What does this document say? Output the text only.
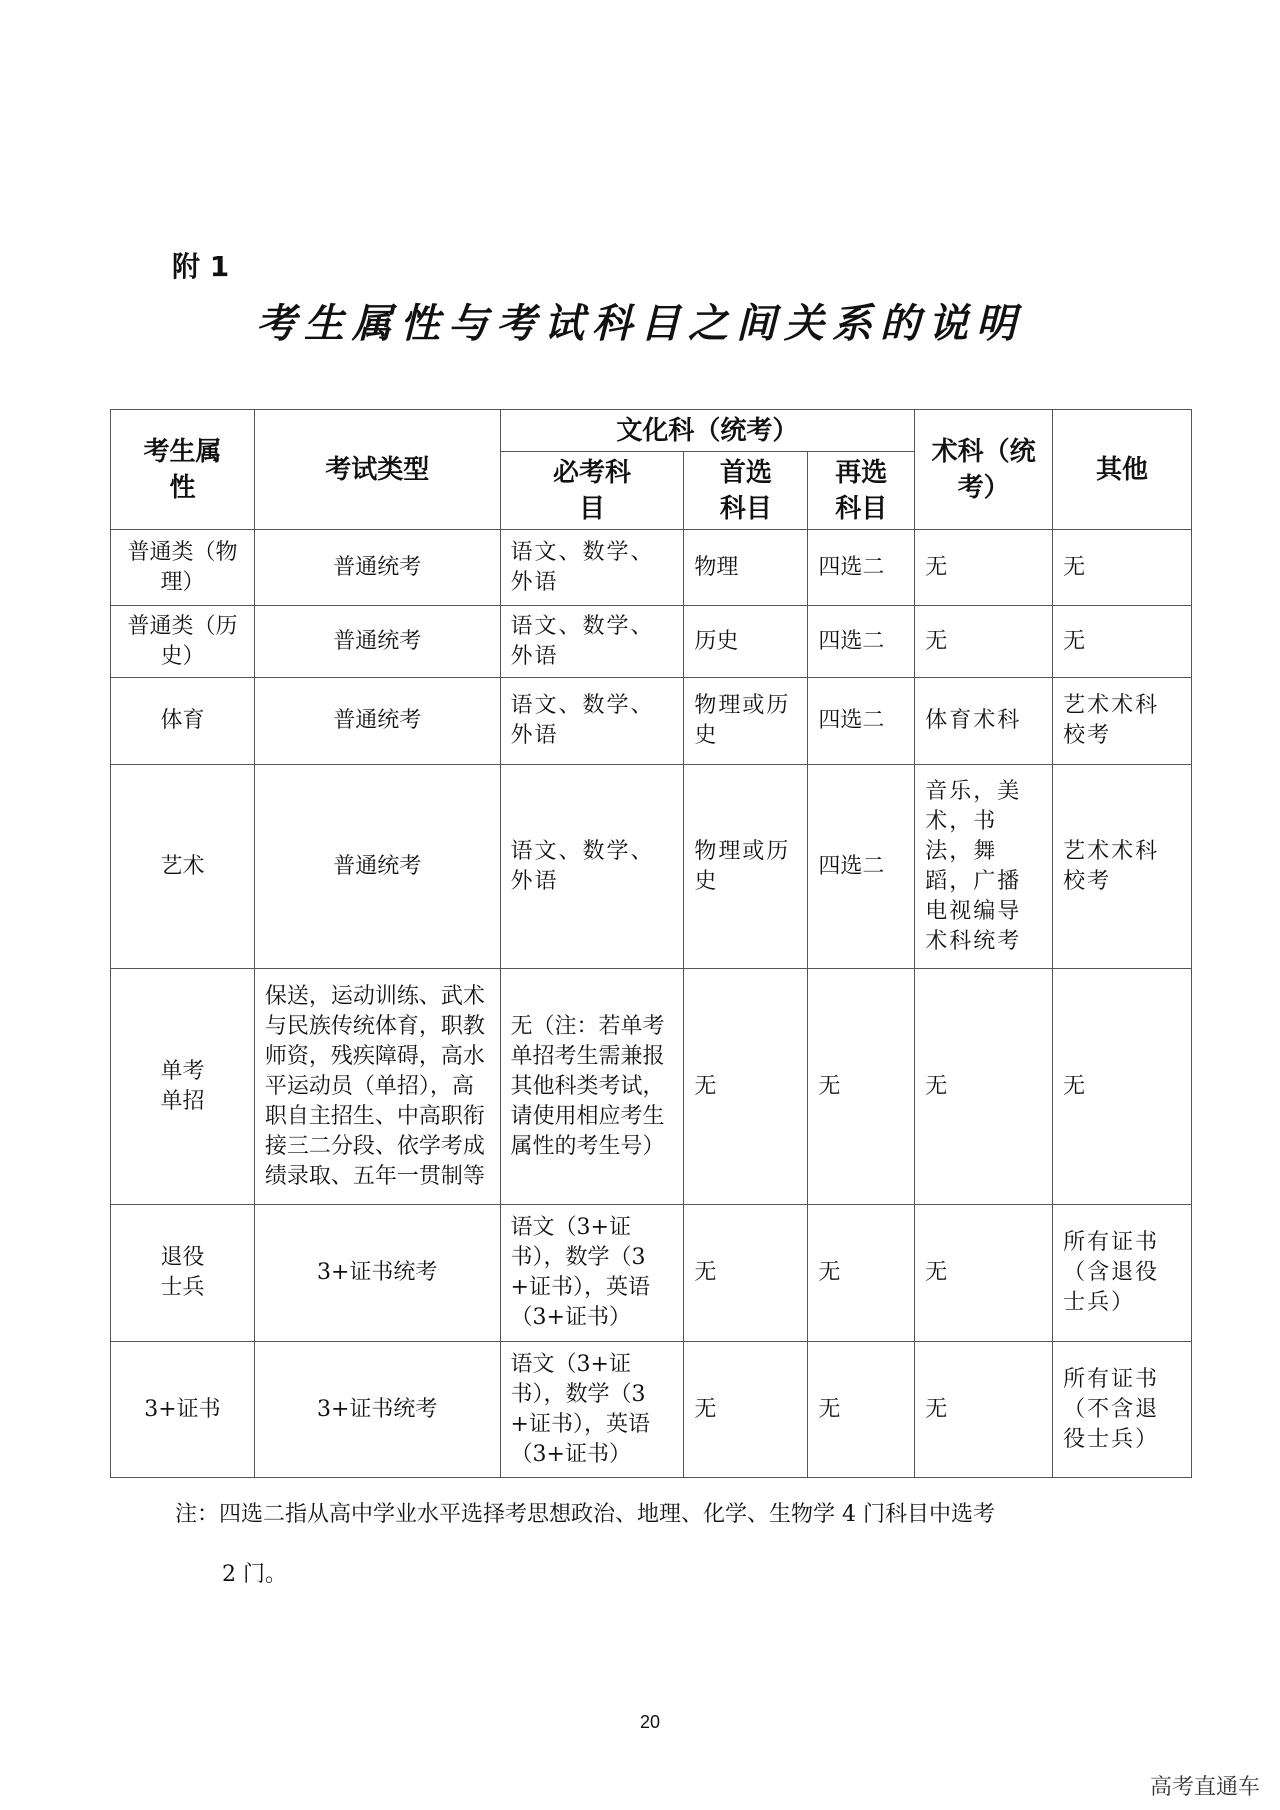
附 1
考生属性与考试科目之间关系的说明
考生属性	考试类型	文化科（统考）			术科（统考）	其他
		必考科目	首选科目	再选科目		
普通类（物理）	普通统考	语文、数学、外语	物理	四选二	无	无
普通类（历史）	普通统考	语文、数学、外语	历史	四选二	无	无
体育	普通统考	语文、数学、外语	物理或历史	四选二	体育术科	艺术术科校考
艺术	普通统考	语文、数学、外语	物理或历史	四选二	音乐，美术，书法，舞蹈，广播电视编导术科统考	艺术术科校考
单考单招	保送，运动训练、武术与民族传统体育，职教师资，残疾障碍，高水平运动员（单招），高职自主招生、中高职衔接三二分段、依学考成绩录取、五年一贯制等	无（注：若单考单招考生需兼报其他科类考试，请使用相应考生属性的考生号）	无	无	无	无
退役士兵	3+证书统考	语文（3+证书），数学（3+证书），英语（3+证书）	无	无	无	所有证书（含退役士兵）
3+证书	3+证书统考	语文（3+证书），数学（3+证书），英语（3+证书）	无	无	无	所有证书（不含退役士兵）
注：四选二指从高中学业水平选择考思想政治、地理、化学、生物学 4 门科目中选考
2 门。
20
高考直通车
